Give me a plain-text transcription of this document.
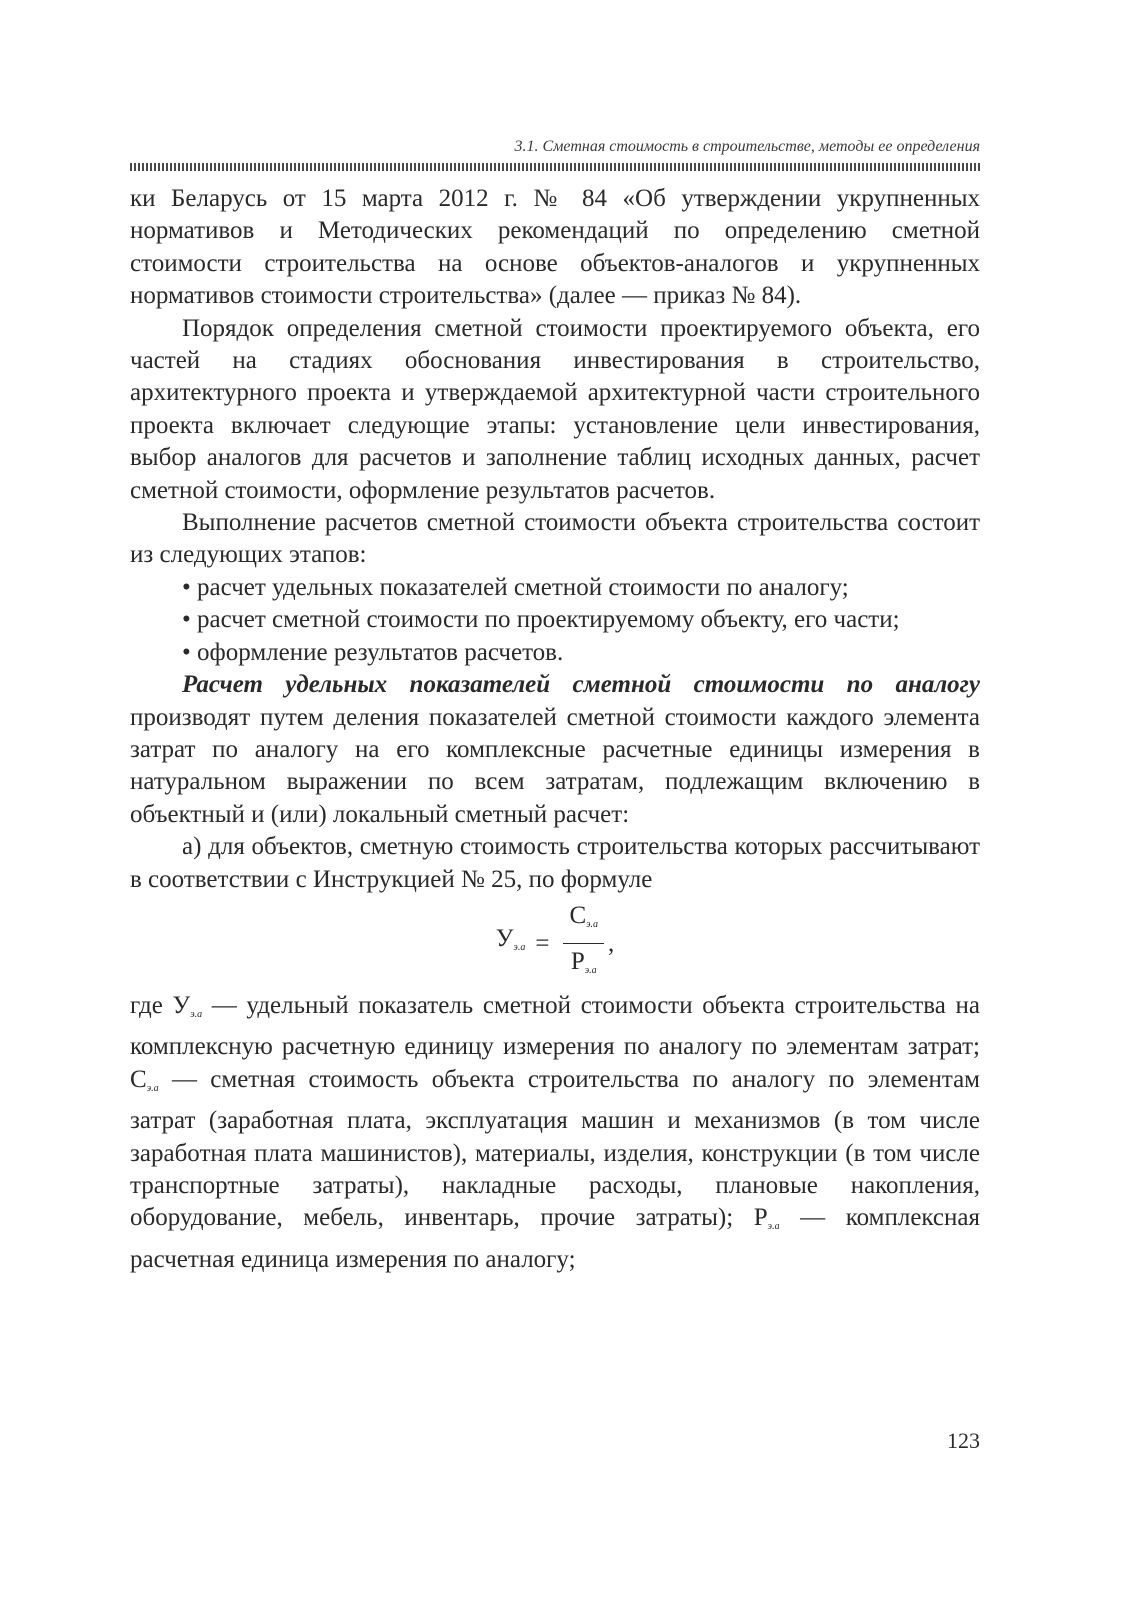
3.1. Сметная стоимость в строительстве, методы ее определения

ки Беларусь от 15 марта 2012 г. № 84 «Об утверждении укрупненных нормативов и Методических рекомендаций по определению сметной стоимости строительства на основе объектов-аналогов и укрупненных нормативов стоимости строительства» (далее — приказ № 84).

Порядок определения сметной стоимости проектируемого объекта, его частей на стадиях обоснования инвестирования в строительство, архитектурного проекта и утверждаемой архитектурной части строительного проекта включает следующие этапы: установление цели инвестирования, выбор аналогов для расчетов и заполнение таблиц исходных данных, расчет сметной стоимости, оформление результатов расчетов.

Выполнение расчетов сметной стоимости объекта строительства состоит из следующих этапов:

• расчет удельных показателей сметной стоимости по аналогу;

• расчет сметной стоимости по проектируемому объекту, его части;

• оформление результатов расчетов.

Расчет удельных показателей сметной стоимости по аналогу производят путем деления показателей сметной стоимости каждого элемента затрат по аналогу на его комплексные расчетные единицы измерения в натуральном выражении по всем затратам, подлежащим включению в объектный и (или) локальный сметный расчет:

а) для объектов, сметную стоимость строительства которых рассчитывают в соответствии с Инструкцией № 25, по формуле

$У_{э.а} = \frac{С_{э.а}}{Р_{э.а}}$ ,

где $У_{э.а}$ — удельный показатель сметной стоимости объекта строительства на комплексную расчетную единицу измерения по аналогу по элементам затрат; $С_{э.а}$ — сметная стоимость объекта строительства по аналогу по элементам затрат (заработная плата, эксплуатация машин и механизмов (в том числе заработная плата машинистов), материалы, изделия, конструкции (в том числе транспортные затраты), накладные расходы, плановые накопления, оборудование, мебель, инвентарь, прочие затраты); $Р_{э.а}$ — комплексная расчетная единица измерения по аналогу;

123
